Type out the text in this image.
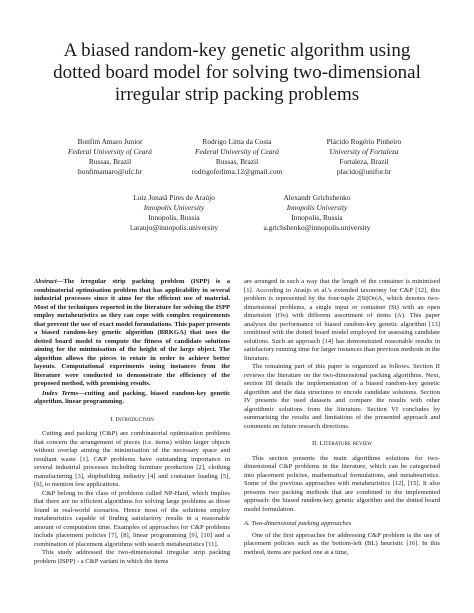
A biased random-key genetic algorithm using
dotted board model for solving two-dimensional
irregular strip packing problems
Bonfim Amaro Junior
Federal University of Ceará
Russas, Brazil
bonfimamaro@ufc.br
Rodrigo Lima da Costa
Federal University of Ceará
Russas, Brazil
rodrigoferlima.12@gmail.com
Plácido Rogério Pinheiro
University of Fortaleza
Fortaleza, Brazil
placido@unifor.br
Luiz Jonatã Pires de Araújo
Innopolis University
Innopolis, Russia
l.araujo@innopolis.university
Alexandr Grichshenko
Innopolis University
Innopolis, Russia
a.grichshenko@innopolis.university

Abstract—The irregular strip packing problem (ISPP) is a combinatorial optimisation problem that has applicability in several industrial processes since it aims for the efficient use of material. Most of the techniques reported in the literature for solving the ISPP employ metaheuristics as they can cope with complex requirements that prevent the use of exact model formulations. This paper presents a biased random-key genetic algorithm (BRKGA) that uses the dotted board model to compute the fitness of candidate solutions aiming for the minimisation of the height of the large object. The algorithm allows the pieces to rotate in order to achieve better layouts. Computational experiments using instances from the literature were conducted to demonstrate the efficiency of the proposed method, with promising results.

Index Terms—cutting and packing, biased random-key genetic algorithm, linear programming.

I. Introduction

Cutting and packing (C&P) are combinatorial optimisation problems that concern the arrangement of pieces (i.e. items) within larger objects without overlap aiming the minimisation of the necessary space and resultant waste [1]. C&P problems have outstanding importance in several industrial processes including furniture production [2], clothing manufacturing [3], shipbuilding industry [4] and container loading [5], [6], to mention few applications.

C&P belong to the class of problems called NP-Hard, which implies that there are no efficient algorithms for solving large problems as those found in real-world scenarios. Hence most of the solutions employ metaheuristics capable of finding satisfactory results in a reasonable amount of computation time. Examples of approaches for C&P problems include placement policies [7], [8], linear programming [9], [10] and a combination of placement algorithms with search metaheuristics [11].

This study addressed the two-dimensional irregular strip packing problem (ISPP) - a C&P variant in which the items

are arranged in such a way that the length of the container is minimised [1]. According to Araújo et al.'s extended taxonomy for C&P [12], this problem is represented by the four-tuple 2|Si|Oo|A, which denotes two-dimensional problems, a single input or container (Si) with an open dimension (Oo) with different assortment of items (A). This paper analyses the performance of biased random-key genetic algorithm [13] combined with the dotted board model employed for assessing candidate solutions. Such an approach [14] has demonstrated reasonable results in satisfactory running time for larger instances than previous methods in the literature.

The remaining part of this paper is organized as follows. Section II reviews the literature on the two-dimensional packing algorithms. Next, section III details the implementation of a biased random-key genetic algorithm and the data structures to encode candidate solutions. Section IV presents the used datasets and compare the results with other algorithmic solutions from the literature. Section VI concludes by summarising the results and limitations of the presented approach and comments on future research directions.

II. Literature review

This section presents the main algorithms solutions for two-dimensional C&P problems in the literature, which can be categorised into placement policies, mathematical formulations, and metaheuristics. Some of the previous approaches with metaheuristics [12], [15]. It also presents two packing methods that are combined in the implemented approach: the biased random-key genetic algorithm and the dotted board model formulation.

A. Two-dimensional packing approaches

One of the first approaches for addressing C&P problem is the use of placement policies such as the bottom-left (BL) heuristic [16]. In this method, items are packed one at a time,
